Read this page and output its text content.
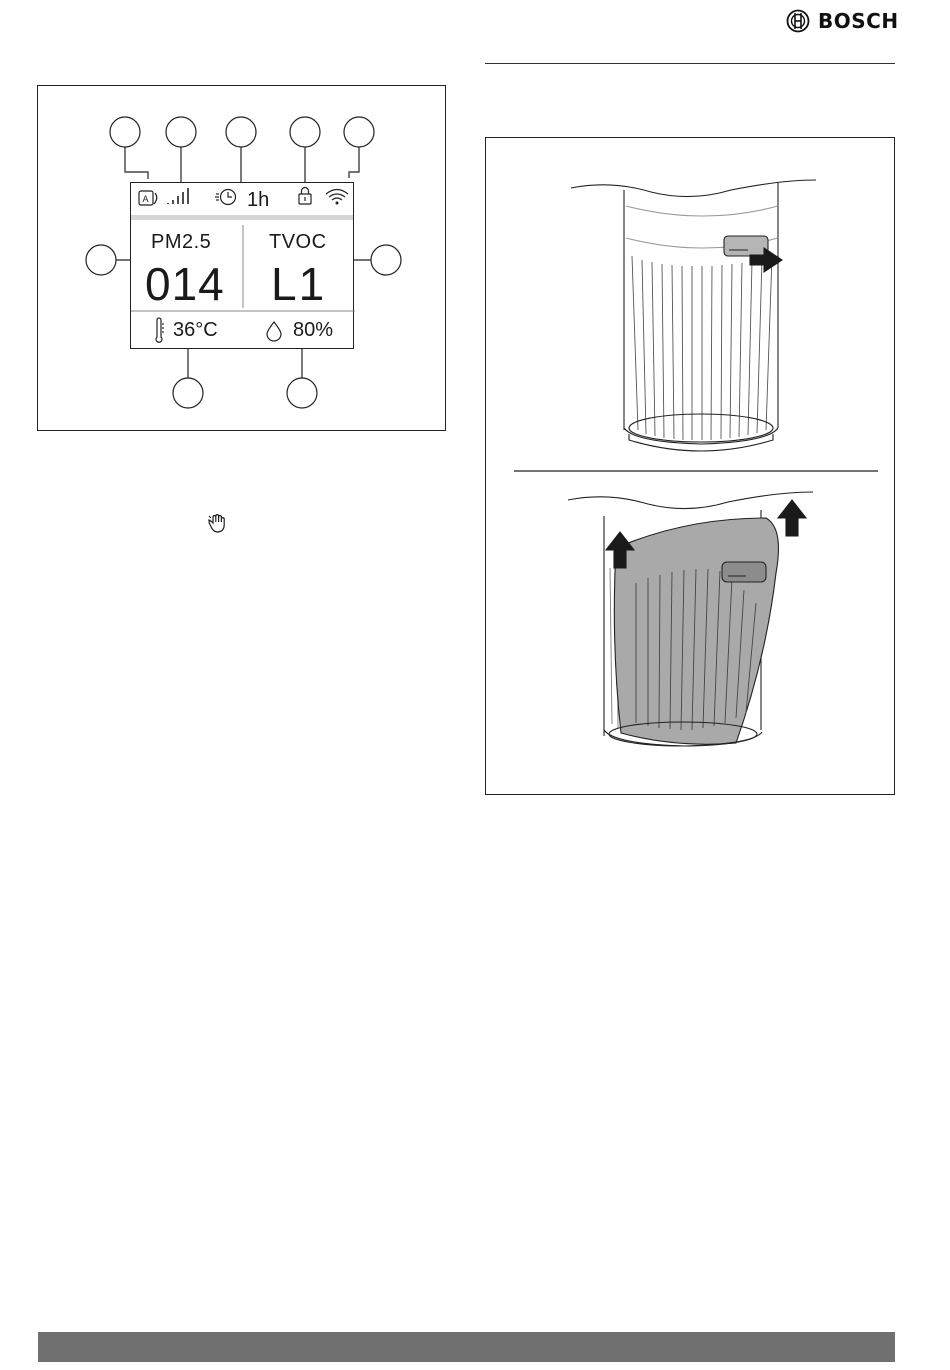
BOSCH
A	1h
PM2.5
014
TVOC
L1
36°C	80%
